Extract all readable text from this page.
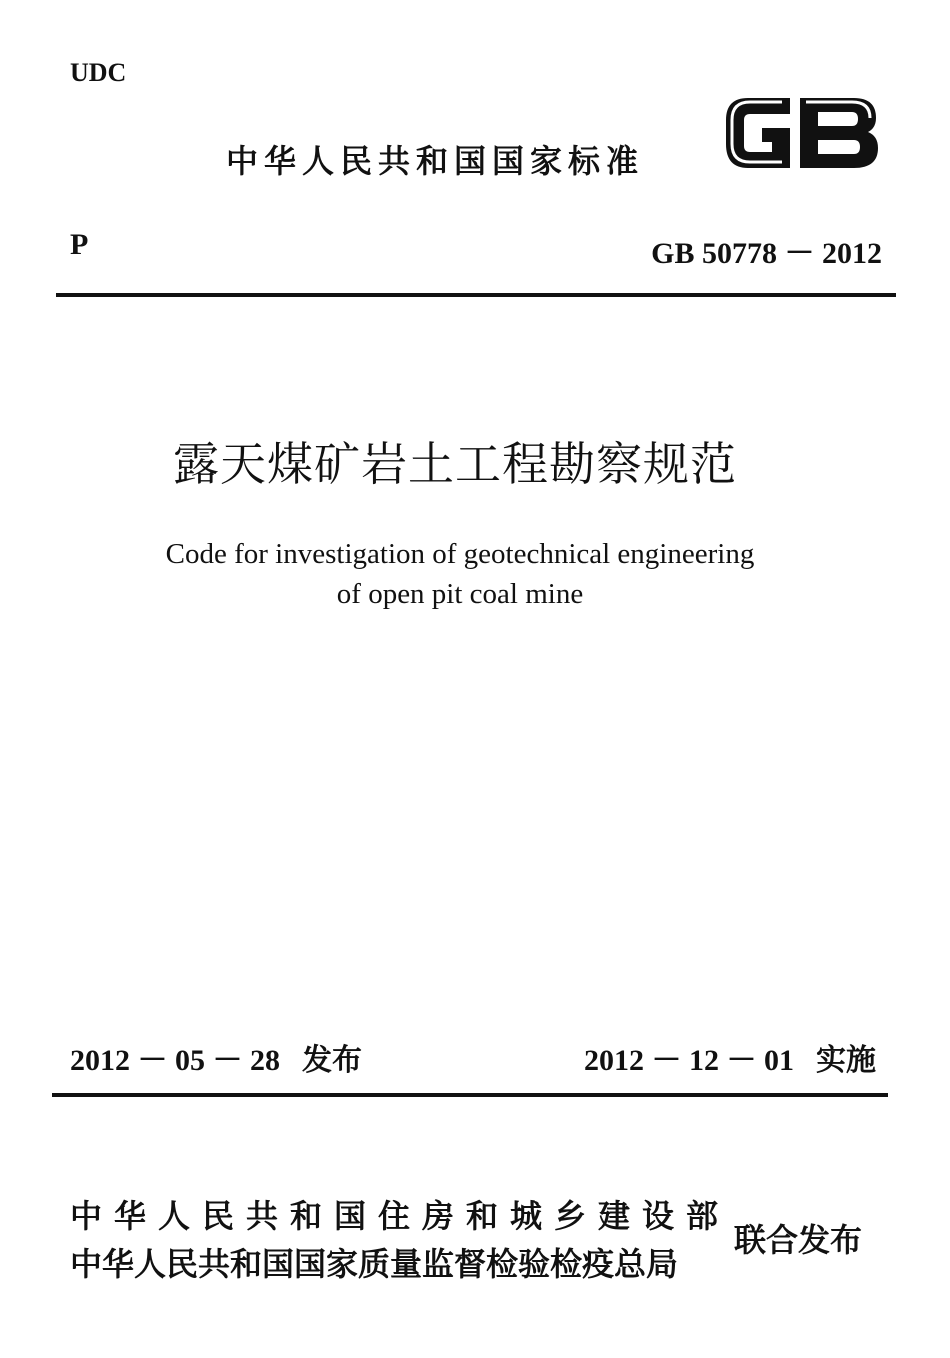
UDC
中华人民共和国国家标准
P	GB 50778 － 2012
露天煤矿岩土工程勘察规范
Code for investigation of geotechnical engineering
of open pit coal mine
2012 － 05 － 28 发布	2012 － 12 － 01 实施
中华人民共和国住房和城乡建设部
中华人民共和国国家质量监督检验检疫总局
联合发布
